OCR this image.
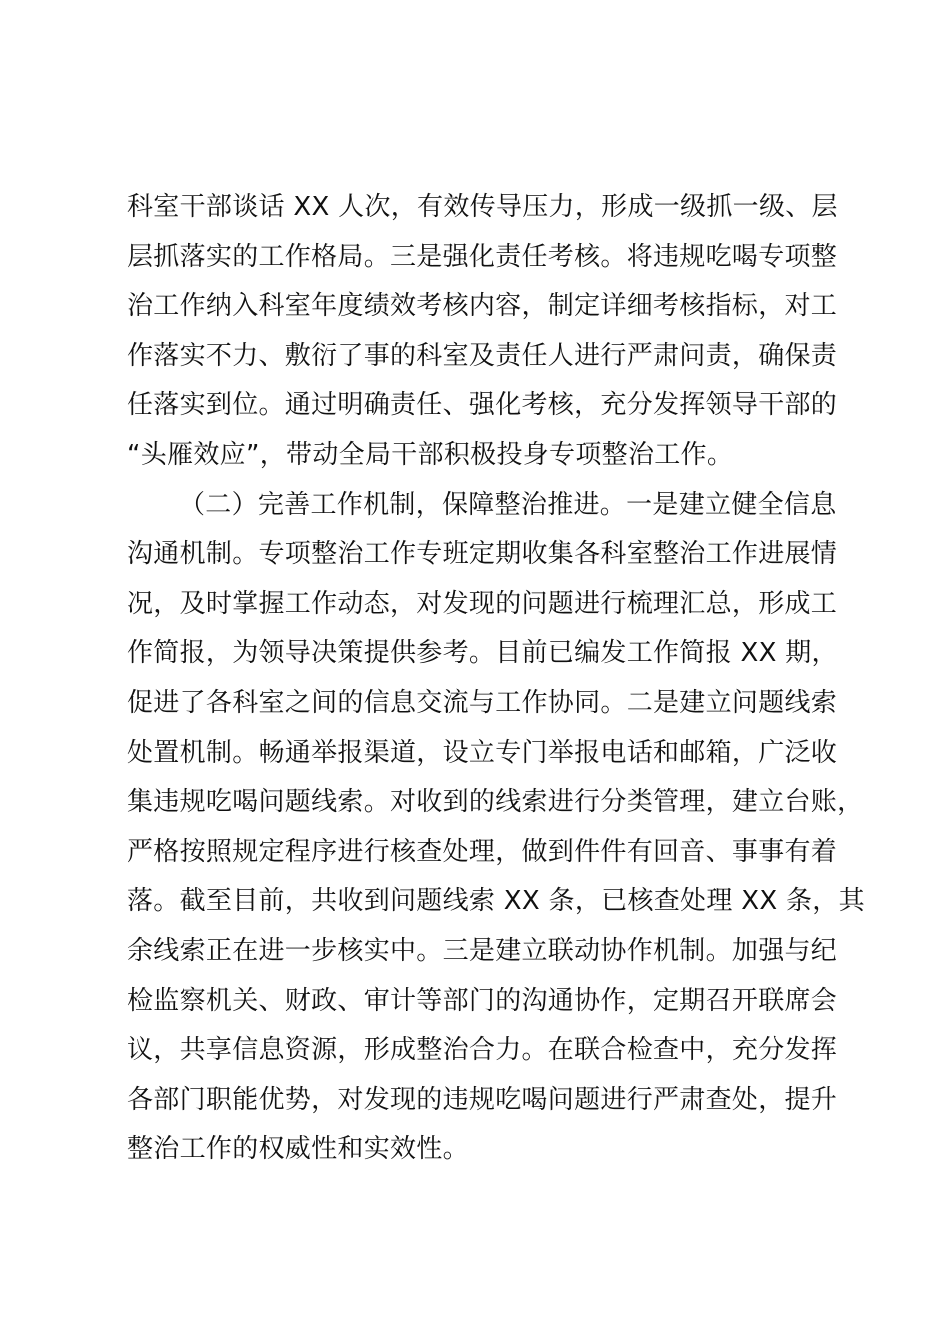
科室干部谈话 XX 人次，有效传导压力，形成一级抓一级、层
层抓落实的工作格局。三是强化责任考核。将违规吃喝专项整
治工作纳入科室年度绩效考核内容，制定详细考核指标，对工
作落实不力、敷衍了事的科室及责任人进行严肃问责，确保责
任落实到位。通过明确责任、强化考核，充分发挥领导干部的
“头雁效应”，带动全局干部积极投身专项整治工作。
（二）完善工作机制，保障整治推进。一是建立健全信息
沟通机制。专项整治工作专班定期收集各科室整治工作进展情
况，及时掌握工作动态，对发现的问题进行梳理汇总，形成工
作简报，为领导决策提供参考。目前已编发工作简报 XX 期，
促进了各科室之间的信息交流与工作协同。二是建立问题线索
处置机制。畅通举报渠道，设立专门举报电话和邮箱，广泛收
集违规吃喝问题线索。对收到的线索进行分类管理，建立台账，
严格按照规定程序进行核查处理，做到件件有回音、事事有着
落。截至目前，共收到问题线索 XX 条，已核查处理 XX 条，其
余线索正在进一步核实中。三是建立联动协作机制。加强与纪
检监察机关、财政、审计等部门的沟通协作，定期召开联席会
议，共享信息资源，形成整治合力。在联合检查中，充分发挥
各部门职能优势，对发现的违规吃喝问题进行严肃查处，提升
整治工作的权威性和实效性。
